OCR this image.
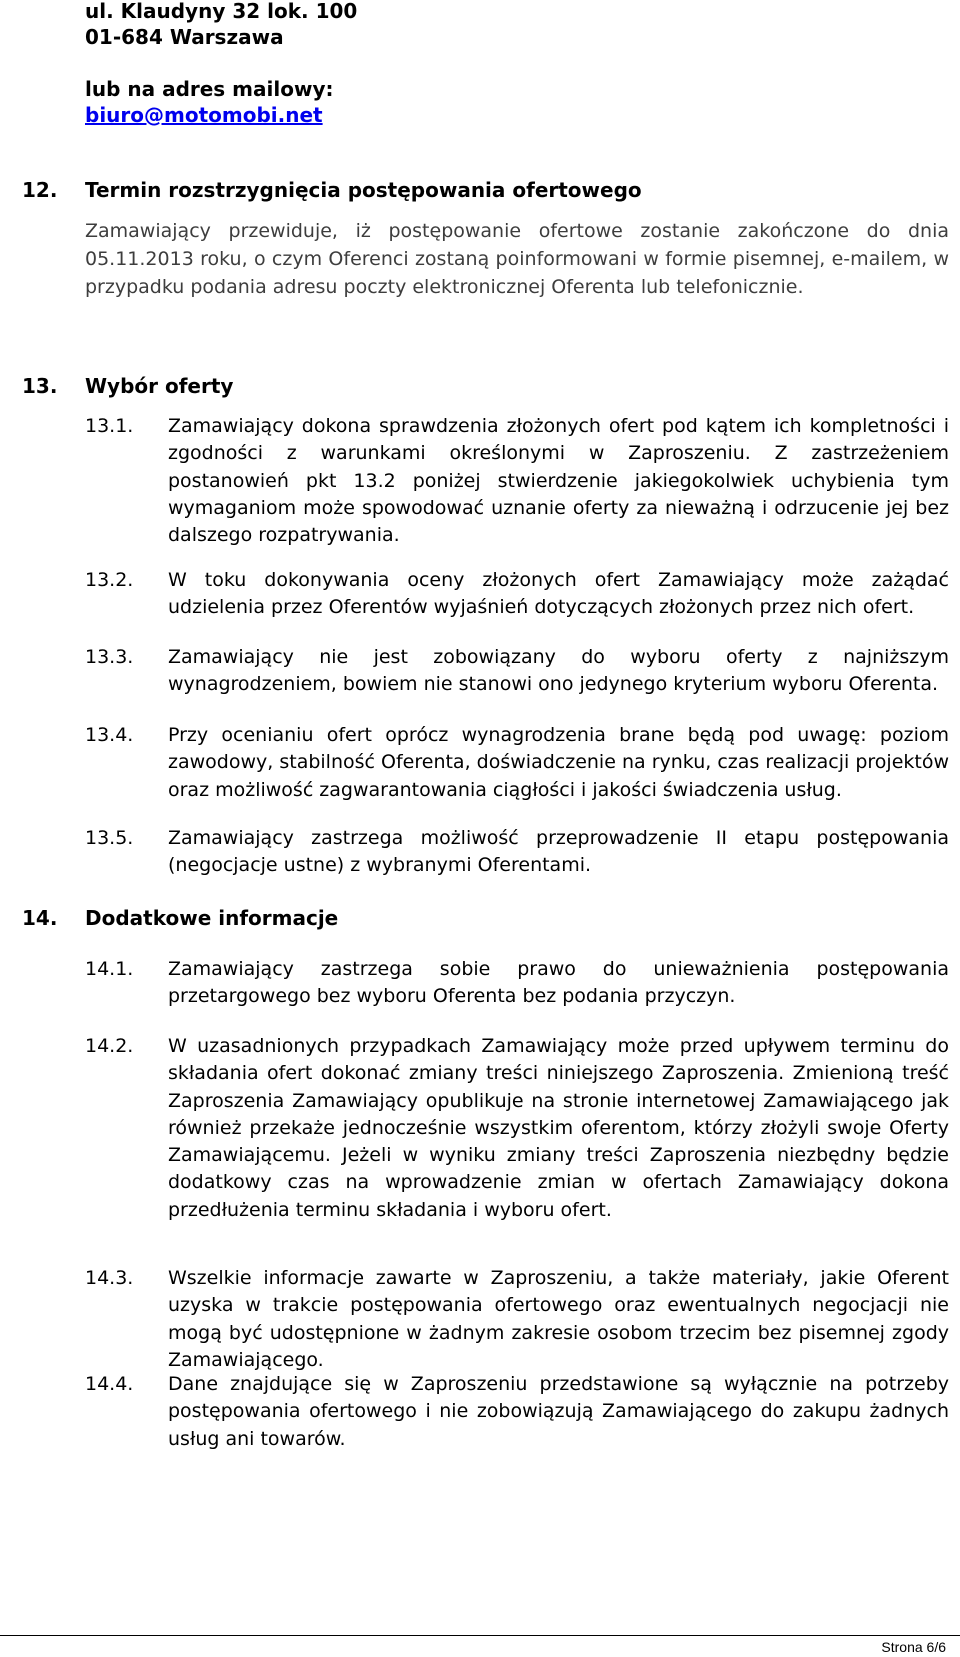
ul. Klaudyny 32 lok. 100
01-684 Warszawa
lub na adres mailowy:
biuro@motomobi.net
12. Termin rozstrzygnięcia postępowania ofertowego

Zamawiający przewiduje, iż postępowanie ofertowe zostanie zakończone do dnia 05.11.2013 roku, o czym Oferenci zostaną poinformowani w formie pisemnej, e-mailem, w przypadku podania adresu poczty elektronicznej Oferenta lub telefonicznie.

13. Wybór oferty
13.1.	Zamawiający dokona sprawdzenia złożonych ofert pod kątem ich kompletności i zgodności z warunkami określonymi w Zaproszeniu. Z zastrzeżeniem postanowień pkt 13.2 poniżej stwierdzenie jakiegokolwiek uchybienia tym wymaganiom może spowodować uznanie oferty za nieważną i odrzucenie jej bez dalszego rozpatrywania.

13.2.	W toku dokonywania oceny złożonych ofert Zamawiający może zażądać udzielenia przez Oferentów wyjaśnień dotyczących złożonych przez nich ofert.

13.3.	Zamawiający nie jest zobowiązany do wyboru oferty z najniższym wynagrodzeniem, bowiem nie stanowi ono jedynego kryterium wyboru Oferenta.

13.4.	Przy ocenianiu ofert oprócz wynagrodzenia brane będą pod uwagę: poziom zawodowy, stabilność Oferenta, doświadczenie na rynku, czas realizacji projektów oraz możliwość zagwarantowania ciągłości i jakości świadczenia usług.

13.5.	Zamawiający zastrzega możliwość przeprowadzenie II etapu postępowania (negocjacje ustne) z wybranymi Oferentami.

14. Dodatkowe informacje
14.1.	Zamawiający zastrzega sobie prawo do unieważnienia postępowania przetargowego bez wyboru Oferenta bez podania przyczyn.

14.2.	W uzasadnionych przypadkach Zamawiający może przed upływem terminu do składania ofert dokonać zmiany treści niniejszego Zaproszenia. Zmienioną treść Zaproszenia Zamawiający opublikuje na stronie internetowej Zamawiającego jak również przekaże jednocześnie wszystkim oferentom, którzy złożyli swoje Oferty Zamawiającemu. Jeżeli w wyniku zmiany treści Zaproszenia niezbędny będzie dodatkowy czas na wprowadzenie zmian w ofertach Zamawiający dokona przedłużenia terminu składania i wyboru ofert.

14.3.	Wszelkie informacje zawarte w Zaproszeniu, a także materiały, jakie Oferent uzyska w trakcie postępowania ofertowego oraz ewentualnych negocjacji nie mogą być udostępnione w żadnym zakresie osobom trzecim bez pisemnej zgody Zamawiającego.

14.4.	Dane znajdujące się w Zaproszeniu przedstawione są wyłącznie na potrzeby postępowania ofertowego i nie zobowiązują Zamawiającego do zakupu żadnych usług ani towarów.

Strona 6/6
